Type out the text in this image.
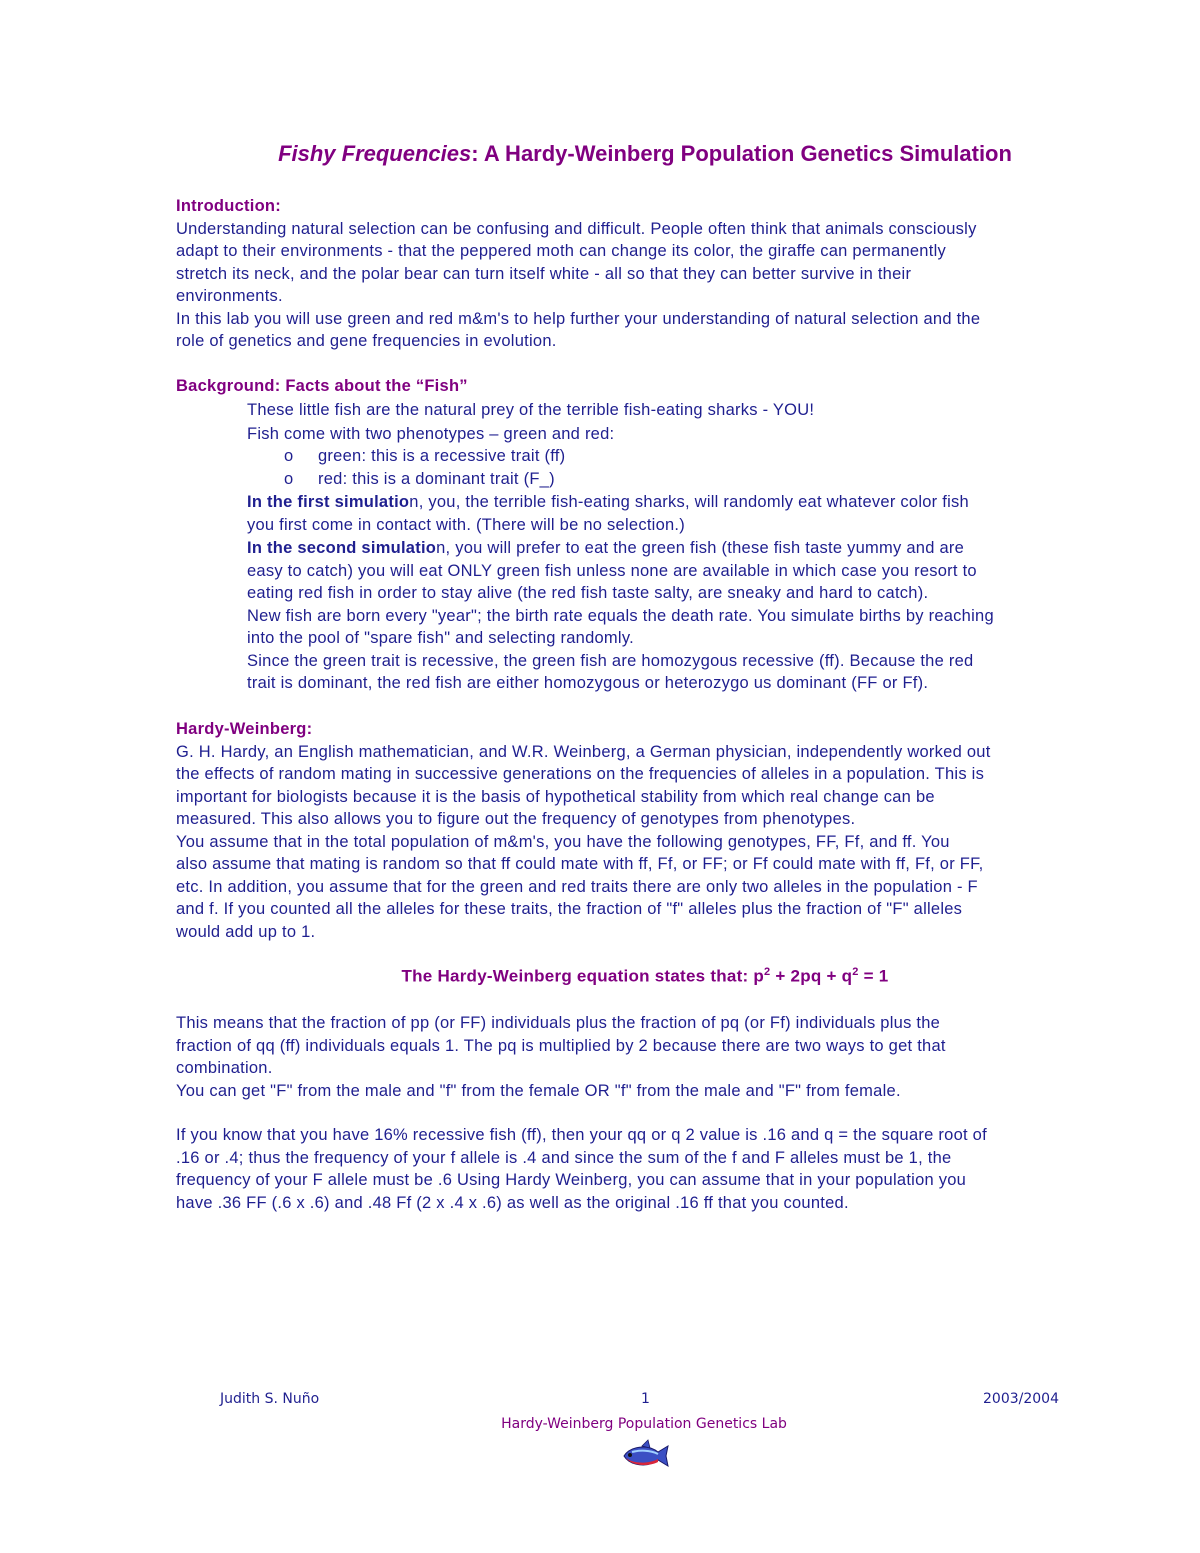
Fishy Frequencies: A Hardy-Weinberg Population Genetics Simulation
Introduction:
Understanding natural selection can be confusing and difficult. People often think that animals consciously
adapt to their environments - that the peppered moth can change its color, the giraffe can permanently
stretch its neck, and the polar bear can turn itself white - all so that they can better survive in their
environments.
In this lab you will use green and red m&m's to help further your understanding of natural selection and the
role of genetics and gene frequencies in evolution.
Background: Facts about the “Fish”
These little fish are the natural prey of the terrible fish-eating sharks - YOU!
Fish come with two phenotypes – green and red:
o green: this is a recessive trait (ff)
o red: this is a dominant trait (F_)
In the first simulation, you, the terrible fish-eating sharks, will randomly eat whatever color fish
you first come in contact with. (There will be no selection.)
In the second simulation, you will prefer to eat the green fish (these fish taste yummy and are
easy to catch) you will eat ONLY green fish unless none are available in which case you resort to
eating red fish in order to stay alive (the red fish taste salty, are sneaky and hard to catch).
New fish are born every "year"; the birth rate equals the death rate. You simulate births by reaching
into the pool of "spare fish" and selecting randomly.
Since the green trait is recessive, the green fish are homozygous recessive (ff). Because the red
trait is dominant, the red fish are either homozygous or heterozygo us dominant (FF or Ff).
Hardy-Weinberg:
G. H. Hardy, an English mathematician, and W.R. Weinberg, a German physician, independently worked out
the effects of random mating in successive generations on the frequencies of alleles in a population. This is
important for biologists because it is the basis of hypothetical stability from which real change can be
measured. This also allows you to figure out the frequency of genotypes from phenotypes.
You assume that in the total population of m&m's, you have the following genotypes, FF, Ff, and ff. You
also assume that mating is random so that ff could mate with ff, Ff, or FF; or Ff could mate with ff, Ff, or FF,
etc. In addition, you assume that for the green and red traits there are only two alleles in the population - F
and f. If you counted all the alleles for these traits, the fraction of "f" alleles plus the fraction of "F" alleles
would add up to 1.
The Hardy-Weinberg equation states that: $p^2 + 2pq + q^2 = 1$
This means that the fraction of pp (or FF) individuals plus the fraction of pq (or Ff) individuals plus the
fraction of qq (ff) individuals equals 1. The pq is multiplied by 2 because there are two ways to get that
combination.
You can get "F" from the male and "f" from the female OR "f" from the male and "F" from female.
If you know that you have 16% recessive fish (ff), then your qq or q 2 value is .16 and q = the square root of
.16 or .4; thus the frequency of your f allele is .4 and since the sum of the f and F alleles must be 1, the
frequency of your F allele must be .6 Using Hardy Weinberg, you can assume that in your population you
have .36 FF (.6 x .6) and .48 Ff (2 x .4 x .6) as well as the original .16 ff that you counted.
Judith S. Nuño	1	2003/2004
Hardy-Weinberg Population Genetics Lab
